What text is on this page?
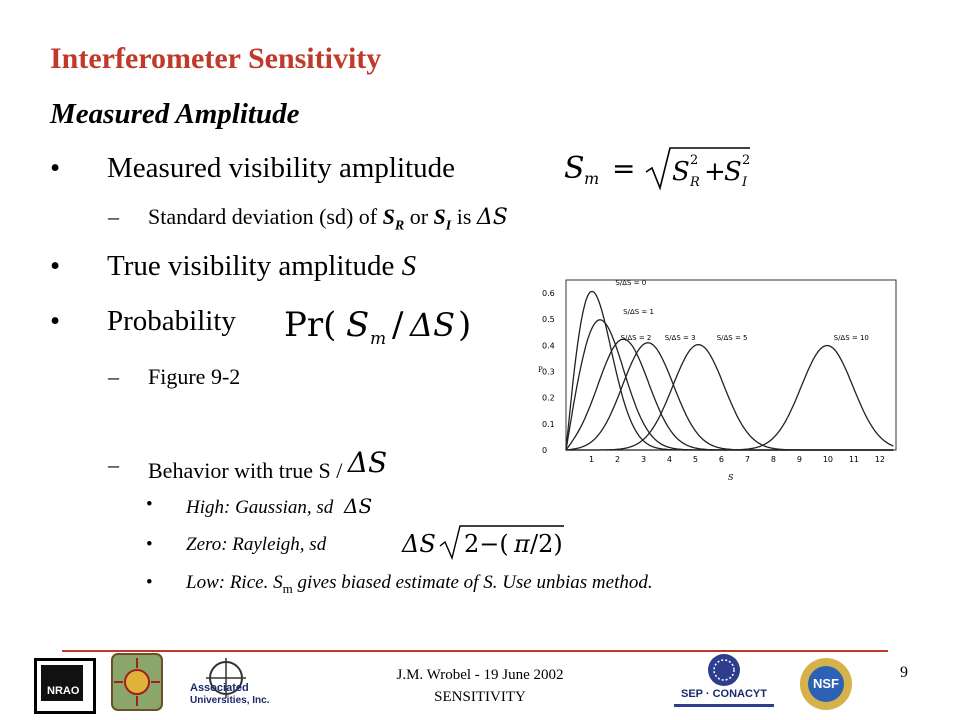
Interferometer Sensitivity
Measured Amplitude
• Measured visibility amplitude	S m = S 2
R +
S 2
I
– Standard deviation (sd) of $S_R$ or $S_I$ is ΔS
• True visibility amplitude S
• Probability Pr( S m / ΔS )
– Figure 9-2
– Behavior with true S / ΔS
• High: Gaussian, sd ΔS
• Zero: Rayleigh, sd	ΔS 2−( π /2)
• Low: Rice. $S_m$ gives biased estimate of S. Use unbias method.
0.6
0.5
0.4
0.3
0.2
0.1
0
1	2	3	4	5	6	7	8	9	10 11 12
S/ΔS = 0
S/ΔS = 1
S/ΔS = 2 S/ΔS = 3	S/ΔS = 5	S/ΔS = 10
P
S
NRAO	Associated
Universities, Inc.
J.M. Wrobel - 19 June 2002
SENSITIVITY	SEP · CONACYT
NSF
9
